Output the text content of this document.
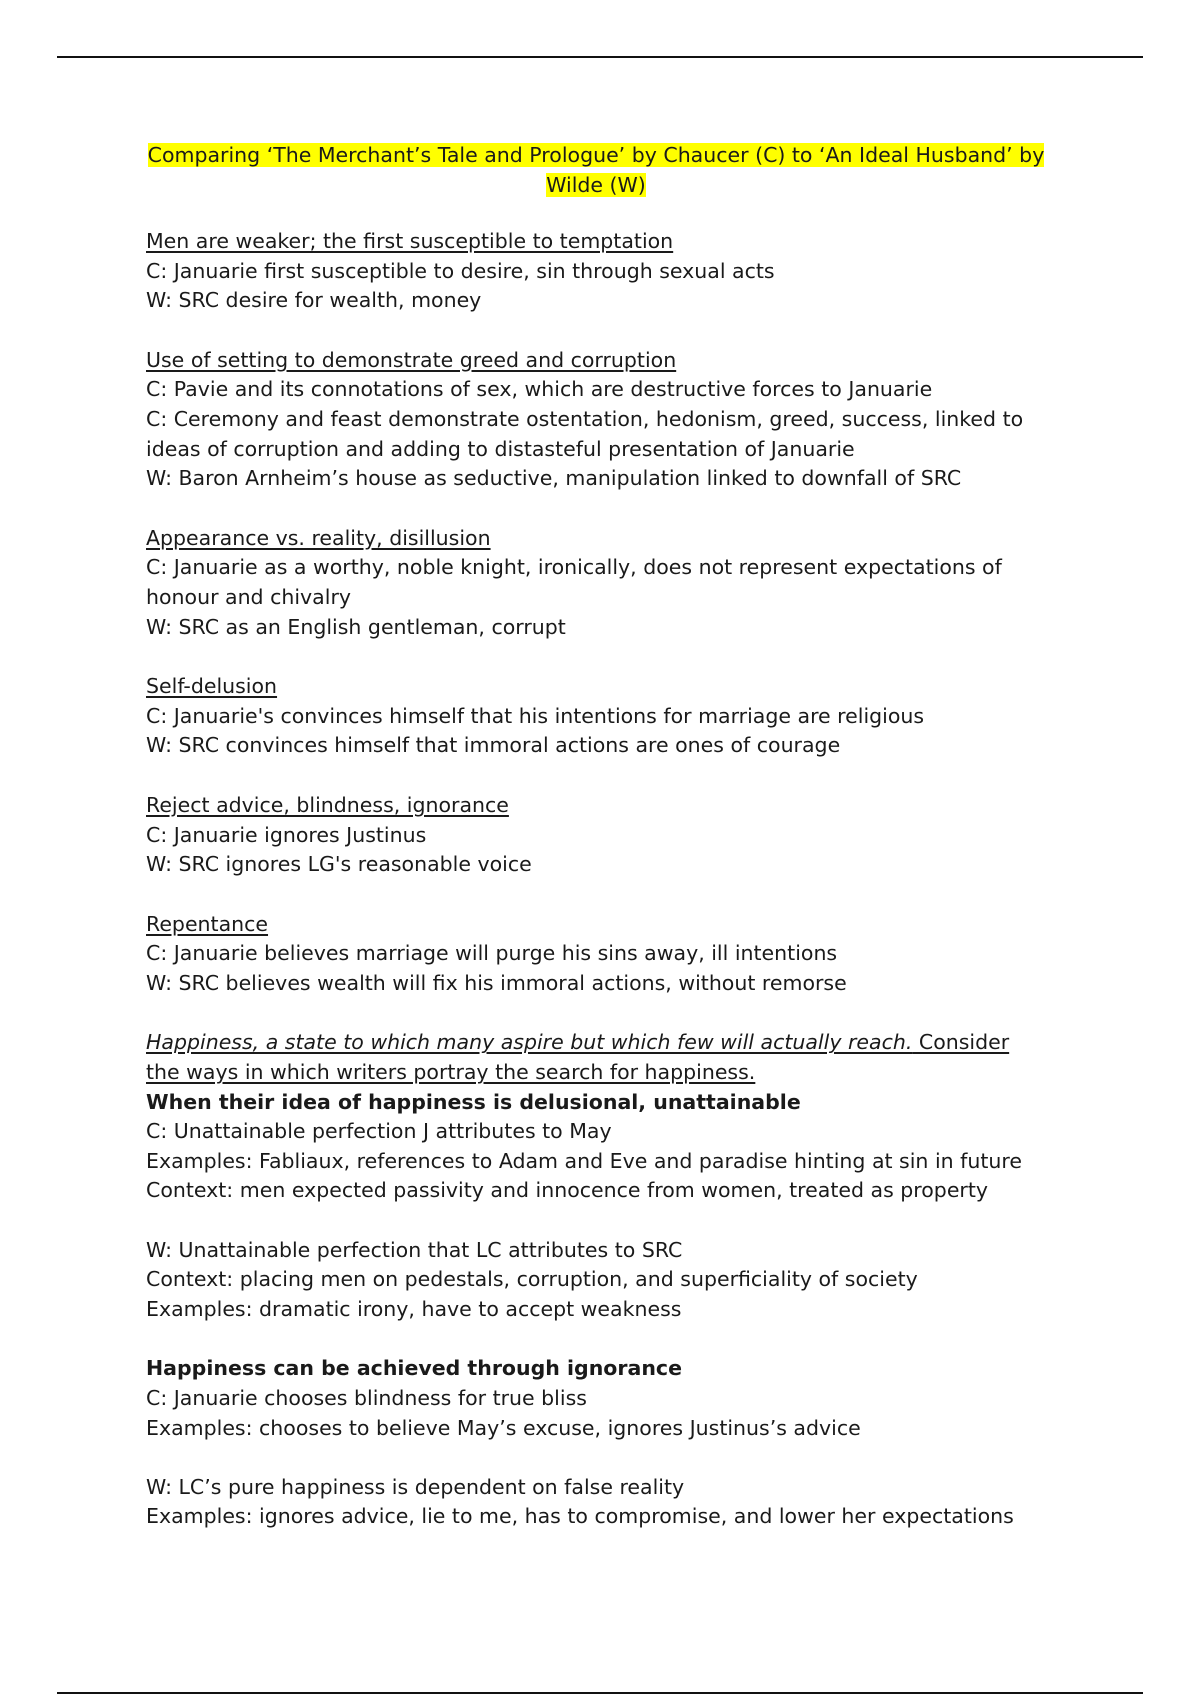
Comparing ‘The Merchant’s Tale and Prologue’ by Chaucer (C) to ‘An Ideal Husband’ by Wilde (W)
Men are weaker; the first susceptible to temptation
C: Januarie first susceptible to desire, sin through sexual acts
W: SRC desire for wealth, money
Use of setting to demonstrate greed and corruption
C: Pavie and its connotations of sex, which are destructive forces to Januarie
C: Ceremony and feast demonstrate ostentation, hedonism, greed, success, linked to ideas of corruption and adding to distasteful presentation of Januarie
W: Baron Arnheim’s house as seductive, manipulation linked to downfall of SRC
Appearance vs. reality, disillusion
C: Januarie as a worthy, noble knight, ironically, does not represent expectations of honour and chivalry
W: SRC as an English gentleman, corrupt
Self-delusion
C: Januarie's convinces himself that his intentions for marriage are religious
W: SRC convinces himself that immoral actions are ones of courage
Reject advice, blindness, ignorance
C: Januarie ignores Justinus
W: SRC ignores LG's reasonable voice
Repentance
C: Januarie believes marriage will purge his sins away, ill intentions
W: SRC believes wealth will fix his immoral actions, without remorse
Happiness, a state to which many aspire but which few will actually reach. Consider the ways in which writers portray the search for happiness.
When their idea of happiness is delusional, unattainable
C: Unattainable perfection J attributes to May
Examples: Fabliaux, references to Adam and Eve and paradise hinting at sin in future
Context: men expected passivity and innocence from women, treated as property
W: Unattainable perfection that LC attributes to SRC
Context: placing men on pedestals, corruption, and superficiality of society
Examples: dramatic irony, have to accept weakness
Happiness can be achieved through ignorance
C: Januarie chooses blindness for true bliss
Examples: chooses to believe May’s excuse, ignores Justinus’s advice
W: LC’s pure happiness is dependent on false reality
Examples: ignores advice, lie to me, has to compromise, and lower her expectations
